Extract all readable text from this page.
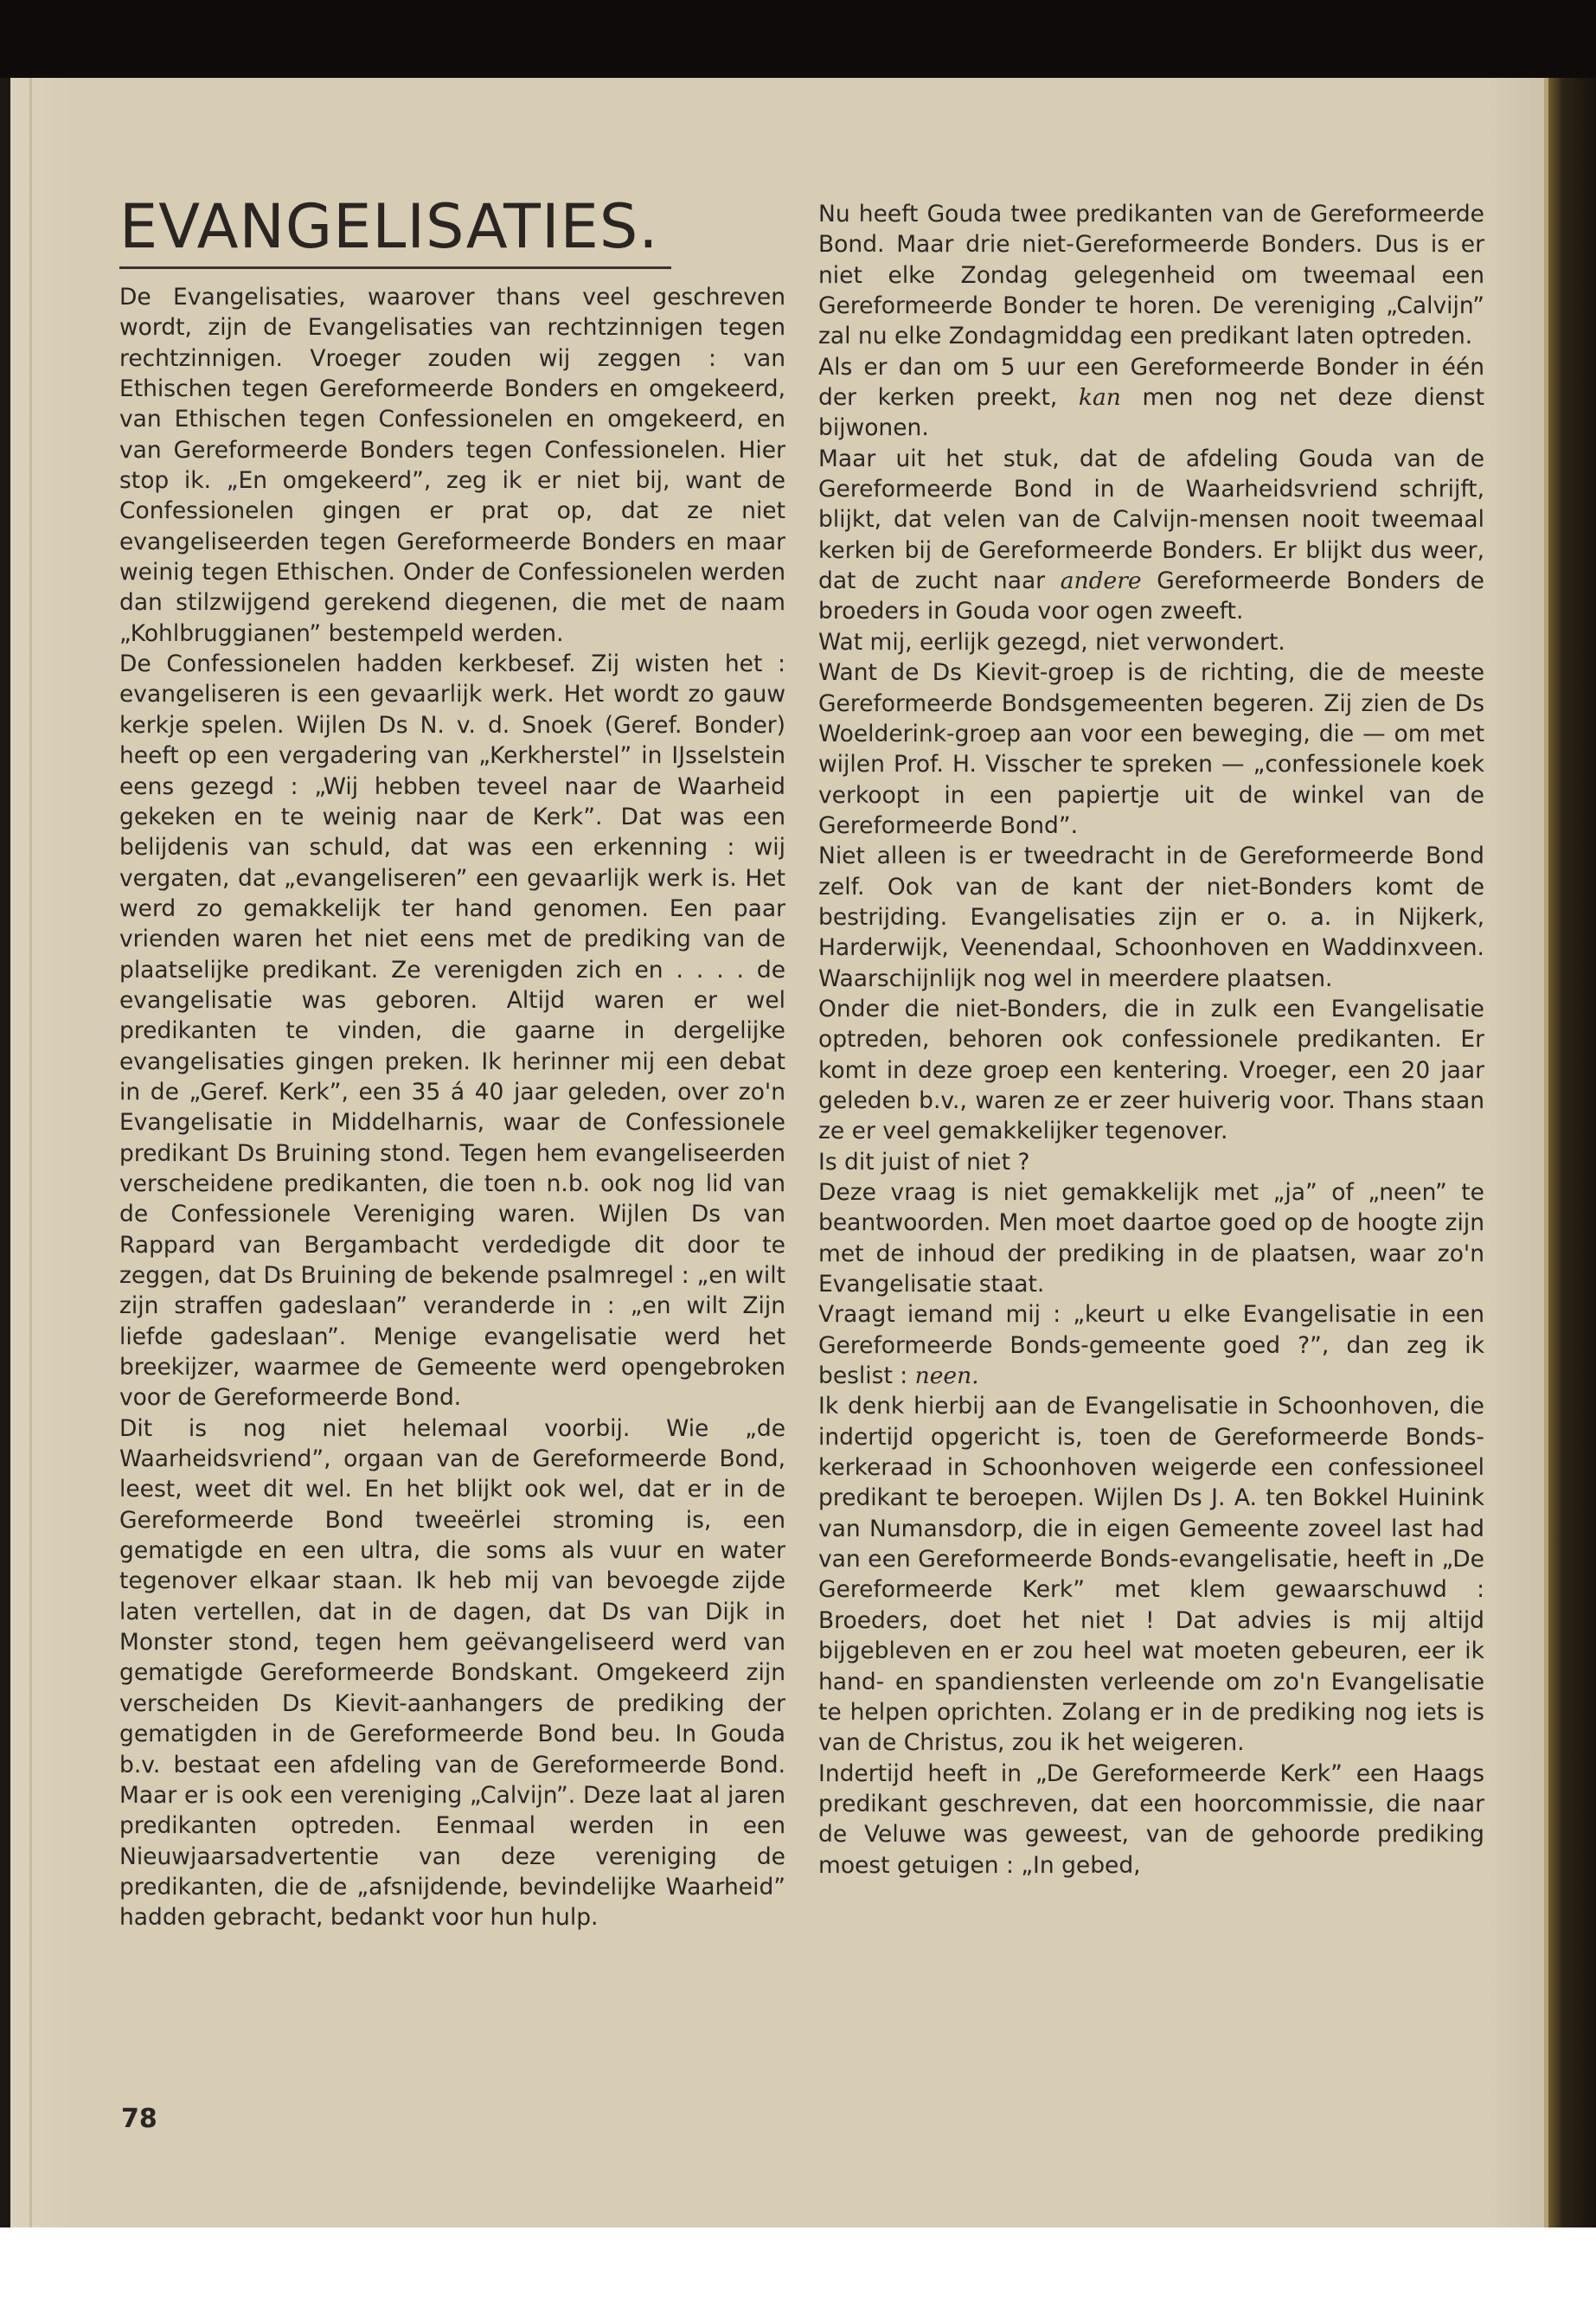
EVANGELISATIES.

De Evangelisaties, waarover thans veel geschreven wordt, zijn de Evangelisaties van rechtzinnigen tegen rechtzinnigen. Vroeger zouden wij zeggen : van Ethischen tegen Gereformeerde Bonders en omgekeerd, van Ethischen tegen Confessionelen en omgekeerd, en van Gereformeerde Bonders tegen Confessionelen. Hier stop ik. „En omgekeerd”, zeg ik er niet bij, want de Confessionelen gingen er prat op, dat ze niet evangeliseerden tegen Gereformeerde Bonders en maar weinig tegen Ethischen. Onder de Confessionelen werden dan stilzwijgend gerekend diegenen, die met de naam „Kohlbruggianen” bestempeld werden.

De Confessionelen hadden kerkbesef. Zij wisten het : evangeliseren is een gevaarlijk werk. Het wordt zo gauw kerkje spelen. Wijlen Ds N. v. d. Snoek (Geref. Bonder) heeft op een vergadering van „Kerkherstel” in IJsselstein eens gezegd : „Wij hebben teveel naar de Waarheid gekeken en te weinig naar de Kerk”. Dat was een belijdenis van schuld, dat was een erkenning : wij vergaten, dat „evangeliseren” een gevaarlijk werk is. Het werd zo gemakkelijk ter hand genomen. Een paar vrienden waren het niet eens met de prediking van de plaatselijke predikant. Ze verenigden zich en . . . . de evangelisatie was geboren. Altijd waren er wel predikanten te vinden, die gaarne in dergelijke evangelisaties gingen preken. Ik herinner mij een debat in de „Geref. Kerk”, een 35 á 40 jaar geleden, over zo'n Evangelisatie in Middelharnis, waar de Confessionele predikant Ds Bruining stond. Tegen hem evangeliseerden verscheidene predikanten, die toen n.b. ook nog lid van de Confessionele Vereniging waren. Wijlen Ds van Rappard van Bergambacht verdedigde dit door te zeggen, dat Ds Bruining de bekende psalmregel : „en wilt zijn straffen gadeslaan” veranderde in : „en wilt Zijn liefde gadeslaan”. Menige evangelisatie werd het breekijzer, waarmee de Gemeente werd opengebroken voor de Gereformeerde Bond.

Dit is nog niet helemaal voorbij. Wie „de Waarheidsvriend”, orgaan van de Gereformeerde Bond, leest, weet dit wel. En het blijkt ook wel, dat er in de Gereformeerde Bond tweeërlei stroming is, een gematigde en een ultra, die soms als vuur en water tegenover elkaar staan. Ik heb mij van bevoegde zijde laten vertellen, dat in de dagen, dat Ds van Dijk in Monster stond, tegen hem geëvangeliseerd werd van gematigde Gereformeerde Bondskant. Omgekeerd zijn verscheiden Ds Kievit-aanhangers de prediking der gematigden in de Gereformeerde Bond beu. In Gouda b.v. bestaat een afdeling van de Gereformeerde Bond. Maar er is ook een vereniging „Calvijn”. Deze laat al jaren predikanten optreden. Eenmaal werden in een Nieuwjaarsadvertentie van deze vereniging de predikanten, die de „afsnijdende, bevindelijke Waarheid” hadden gebracht, bedankt voor hun hulp.

Nu heeft Gouda twee predikanten van de Gereformeerde Bond. Maar drie niet-Gereformeerde Bonders. Dus is er niet elke Zondag gelegenheid om tweemaal een Gereformeerde Bonder te horen. De vereniging „Calvijn” zal nu elke Zondagmiddag een predikant laten optreden.

Als er dan om 5 uur een Gereformeerde Bonder in één der kerken preekt, kan men nog net deze dienst bijwonen.

Maar uit het stuk, dat de afdeling Gouda van de Gereformeerde Bond in de Waarheidsvriend schrijft, blijkt, dat velen van de Calvijn-mensen nooit tweemaal kerken bij de Gereformeerde Bonders. Er blijkt dus weer, dat de zucht naar andere Gereformeerde Bonders de broeders in Gouda voor ogen zweeft.

Wat mij, eerlijk gezegd, niet verwondert.

Want de Ds Kievit-groep is de richting, die de meeste Gereformeerde Bondsgemeenten begeren. Zij zien de Ds Woelderink-groep aan voor een beweging, die — om met wijlen Prof. H. Visscher te spreken — „confessionele koek verkoopt in een papiertje uit de winkel van de Gereformeerde Bond”.

Niet alleen is er tweedracht in de Gereformeerde Bond zelf. Ook van de kant der niet-Bonders komt de bestrijding. Evangelisaties zijn er o. a. in Nijkerk, Harderwijk, Veenendaal, Schoonhoven en Waddinxveen. Waarschijnlijk nog wel in meerdere plaatsen.

Onder die niet-Bonders, die in zulk een Evangelisatie optreden, behoren ook confessionele predikanten. Er komt in deze groep een kentering. Vroeger, een 20 jaar geleden b.v., waren ze er zeer huiverig voor. Thans staan ze er veel gemakkelijker tegenover.

Is dit juist of niet ?

Deze vraag is niet gemakkelijk met „ja” of „neen” te beantwoorden. Men moet daartoe goed op de hoogte zijn met de inhoud der prediking in de plaatsen, waar zo'n Evangelisatie staat.

Vraagt iemand mij : „keurt u elke Evangelisatie in een Gereformeerde Bonds-gemeente goed ?”, dan zeg ik beslist : neen.

Ik denk hierbij aan de Evangelisatie in Schoonhoven, die indertijd opgericht is, toen de Gereformeerde Bonds-kerkeraad in Schoonhoven weigerde een confessioneel predikant te beroepen. Wijlen Ds J. A. ten Bokkel Huinink van Numansdorp, die in eigen Gemeente zoveel last had van een Gereformeerde Bonds-evangelisatie, heeft in „De Gereformeerde Kerk” met klem gewaarschuwd : Broeders, doet het niet ! Dat advies is mij altijd bijgebleven en er zou heel wat moeten gebeuren, eer ik hand- en spandiensten verleende om zo'n Evangelisatie te helpen oprichten. Zolang er in de prediking nog iets is van de Christus, zou ik het weigeren.

Indertijd heeft in „De Gereformeerde Kerk” een Haags predikant geschreven, dat een hoorcommissie, die naar de Veluwe was geweest, van de gehoorde prediking moest getuigen : „In gebed,

78
